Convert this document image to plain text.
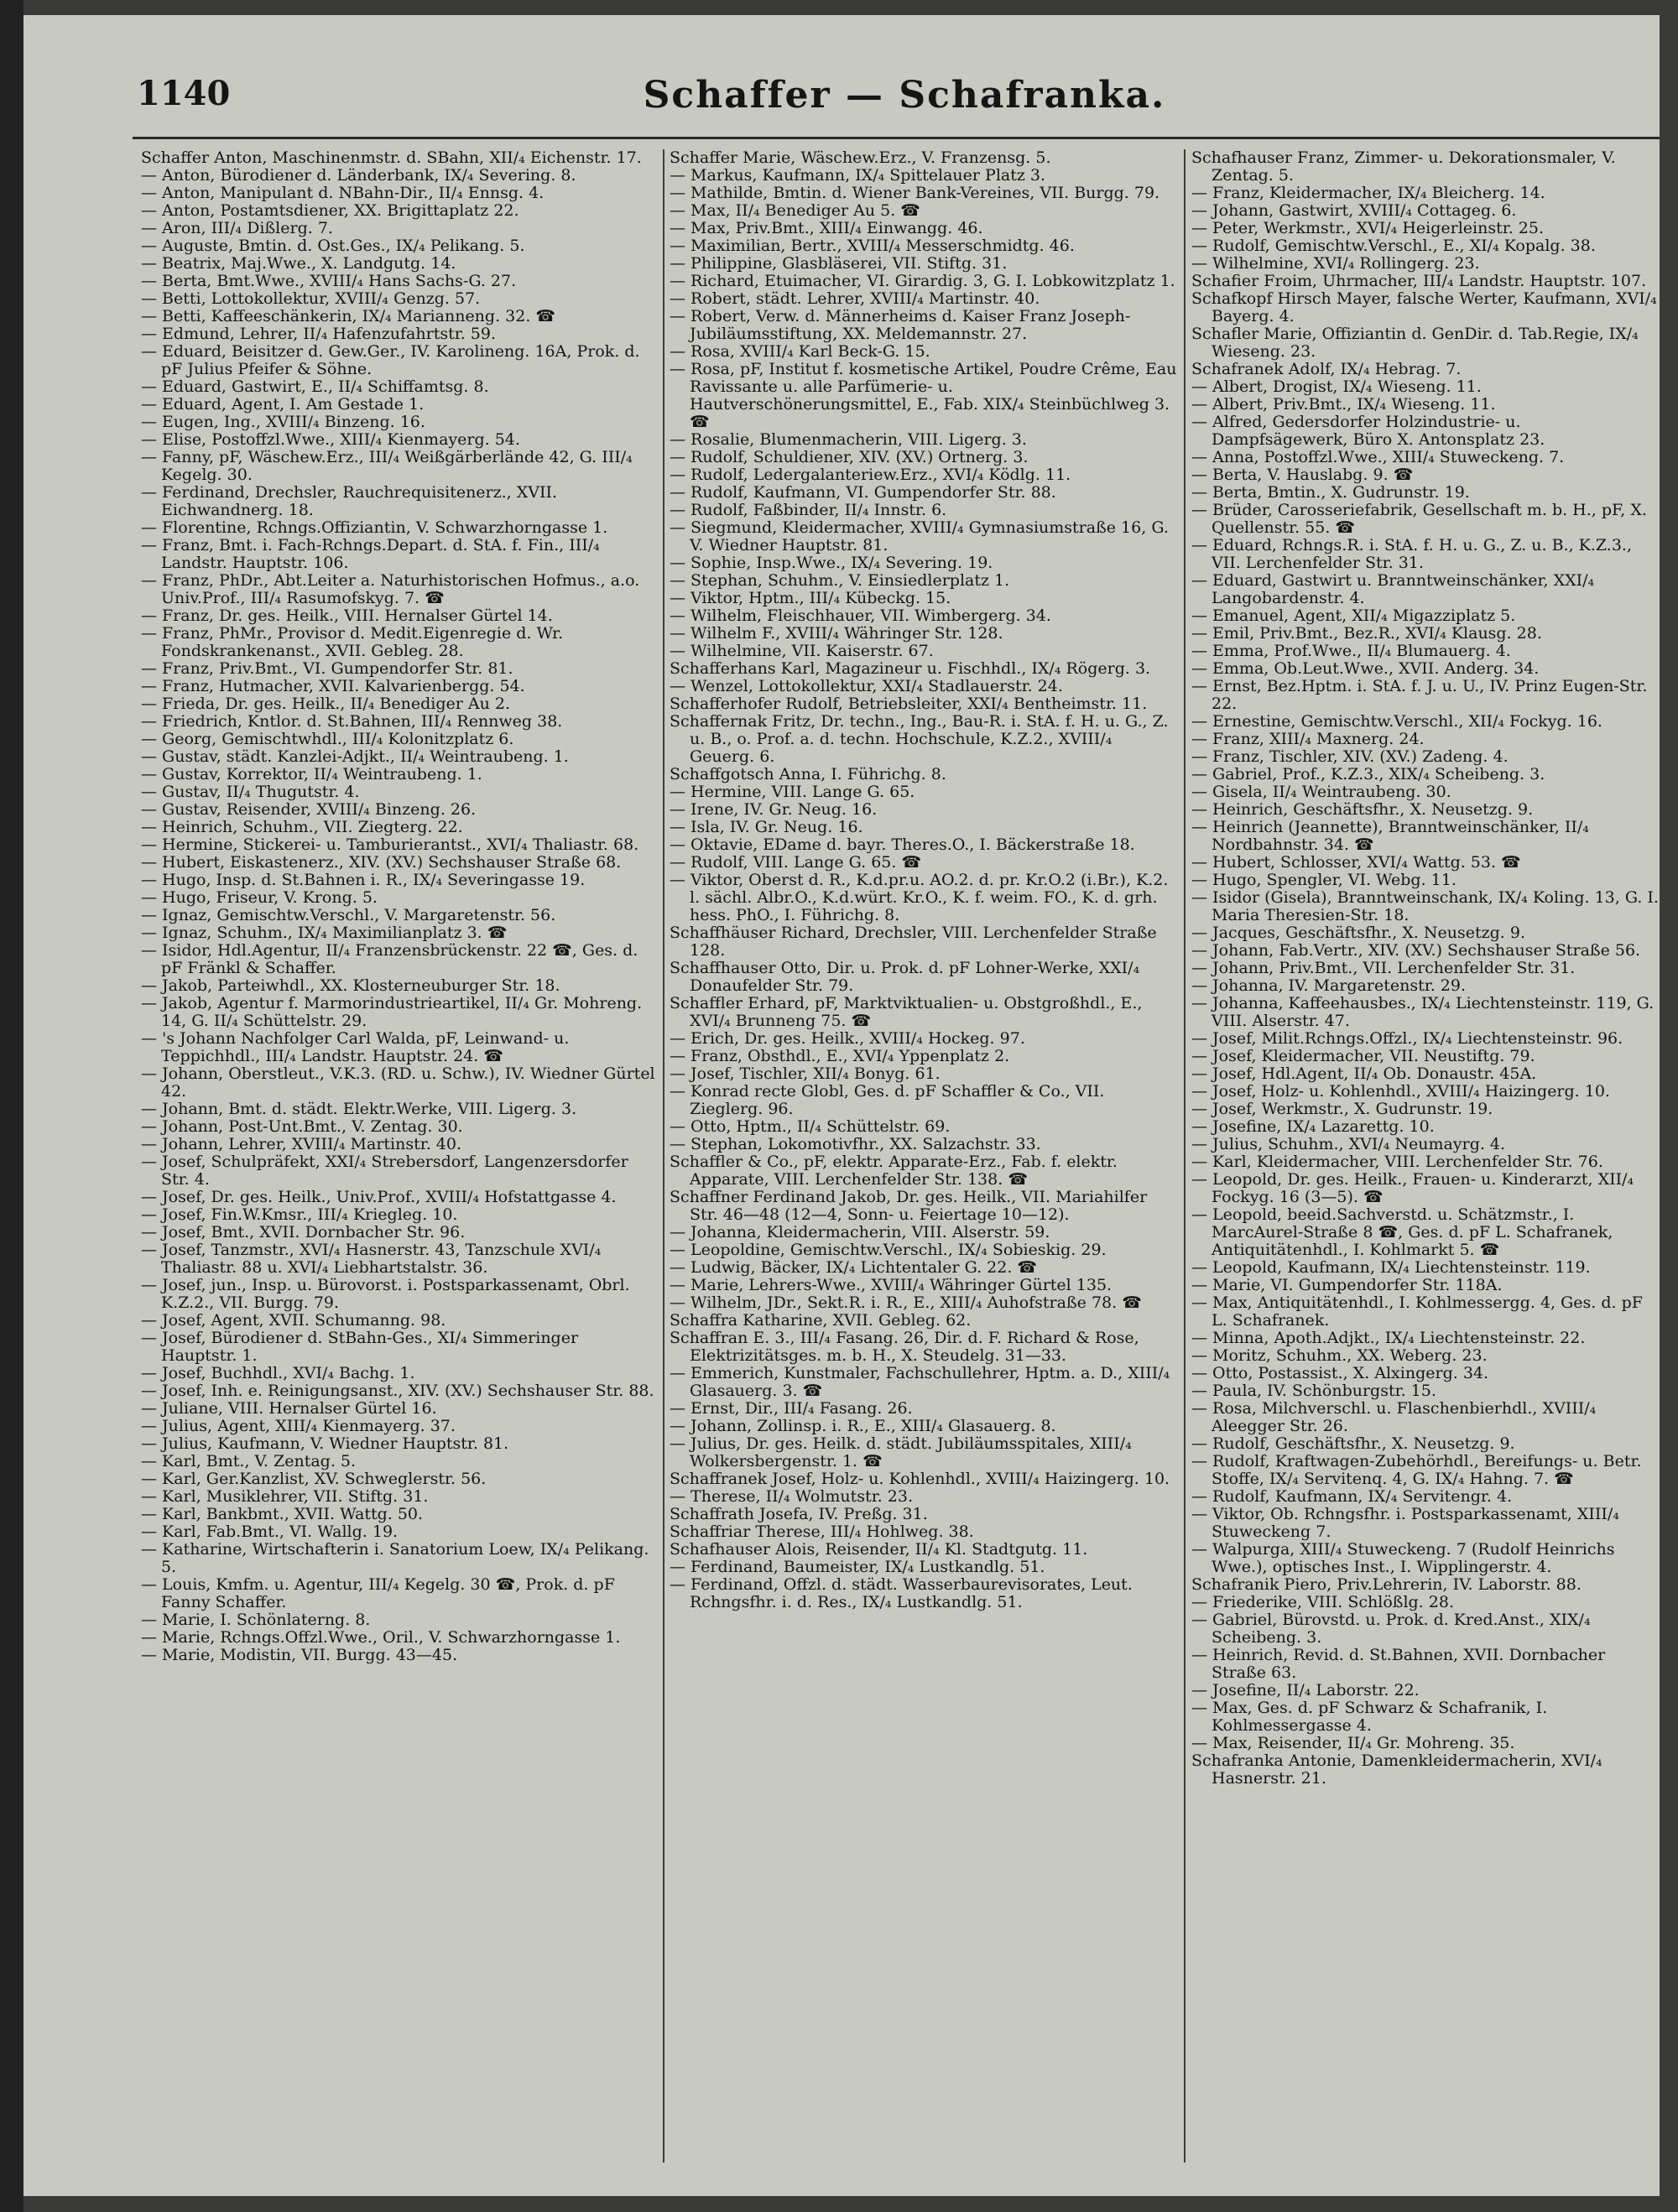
1140	Schaffer — Schafranka.

Schaffer Anton, Maschinenmstr. d. SBahn, XII/₄ Eichenstr. 17.

— Anton, Bürodiener d. Länderbank, IX/₄ Severing. 8.

— Anton, Manipulant d. NBahn-Dir., II/₄ Ennsg. 4.

— Anton, Postamtsdiener, XX. Brigittaplatz 22.

— Aron, III/₄ Dißlerg. 7.

— Auguste, Bmtin. d. Ost.Ges., IX/₄ Pelikang. 5.

— Beatrix, Maj.Wwe., X. Landgutg. 14.

— Berta, Bmt.Wwe., XVIII/₄ Hans Sachs-G. 27.

— Betti, Lottokollektur, XVIII/₄ Genzg. 57.

— Betti, Kaffeeschänkerin, IX/₄ Marianneng. 32. ☎

— Edmund, Lehrer, II/₄ Hafenzufahrtstr. 59.

— Eduard, Beisitzer d. Gew.Ger., IV. Karolineng. 16A, Prok. d. pF Julius Pfeifer & Söhne.

— Eduard, Gastwirt, E., II/₄ Schiffamtsg. 8.

— Eduard, Agent, I. Am Gestade 1.

— Eugen, Ing., XVIII/₄ Binzeng. 16.

— Elise, Postoffzl.Wwe., XIII/₄ Kienmayerg. 54.

— Fanny, pF, Wäschew.Erz., III/₄ Weißgärberlände 42, G. III/₄ Kegelg. 30.

— Ferdinand, Drechsler, Rauchrequisitenerz., XVII. Eichwandnerg. 18.

— Florentine, Rchngs.Offiziantin, V. Schwarzhorngasse 1.

— Franz, Bmt. i. Fach-Rchngs.Depart. d. StA. f. Fin., III/₄ Landstr. Hauptstr. 106.

— Franz, PhDr., Abt.Leiter a. Naturhistorischen Hofmus., a.o. Univ.Prof., III/₄ Rasumofskyg. 7. ☎

— Franz, Dr. ges. Heilk., VIII. Hernalser Gürtel 14.

— Franz, PhMr., Provisor d. Medit.Eigenregie d. Wr. Fondskrankenanst., XVII. Gebleg. 28.

— Franz, Priv.Bmt., VI. Gumpendorfer Str. 81.

— Franz, Hutmacher, XVII. Kalvarienbergg. 54.

— Frieda, Dr. ges. Heilk., II/₄ Benediger Au 2.

— Friedrich, Kntlor. d. St.Bahnen, III/₄ Rennweg 38.

— Georg, Gemischtwhdl., III/₄ Kolonitzplatz 6.

— Gustav, städt. Kanzlei-Adjkt., II/₄ Weintraubeng. 1.

— Gustav, Korrektor, II/₄ Weintraubeng. 1.

— Gustav, II/₄ Thugutstr. 4.

— Gustav, Reisender, XVIII/₄ Binzeng. 26.

— Heinrich, Schuhm., VII. Ziegterg. 22.

— Hermine, Stickerei- u. Tamburierantst., XVI/₄ Thaliastr. 68.

— Hubert, Eiskastenerz., XIV. (XV.) Sechshauser Straße 68.

— Hugo, Insp. d. St.Bahnen i. R., IX/₄ Severingasse 19.

— Hugo, Friseur, V. Krong. 5.

— Ignaz, Gemischtw.Verschl., V. Margaretenstr. 56.

— Ignaz, Schuhm., IX/₄ Maximilianplatz 3. ☎

— Isidor, Hdl.Agentur, II/₄ Franzensbrückenstr. 22 ☎, Ges. d. pF Fränkl & Schaffer.

— Jakob, Parteiwhdl., XX. Klosterneuburger Str. 18.

— Jakob, Agentur f. Marmorindustrieartikel, II/₄ Gr. Mohreng. 14, G. II/₄ Schüttelstr. 29.

— 's Johann Nachfolger Carl Walda, pF, Leinwand- u. Teppichhdl., III/₄ Landstr. Hauptstr. 24. ☎

— Johann, Oberstleut., V.K.3. (RD. u. Schw.), IV. Wiedner Gürtel 42.

— Johann, Bmt. d. städt. Elektr.Werke, VIII. Ligerg. 3.

— Johann, Post-Unt.Bmt., V. Zentag. 30.

— Johann, Lehrer, XVIII/₄ Martinstr. 40.

— Josef, Schulpräfekt, XXI/₄ Strebersdorf, Langenzersdorfer Str. 4.

— Josef, Dr. ges. Heilk., Univ.Prof., XVIII/₄ Hofstattgasse 4.

— Josef, Fin.W.Kmsr., III/₄ Kriegleg. 10.

— Josef, Bmt., XVII. Dornbacher Str. 96.

— Josef, Tanzmstr., XVI/₄ Hasnerstr. 43, Tanzschule XVI/₄ Thaliastr. 88 u. XVI/₄ Liebhartstalstr. 36.

— Josef, jun., Insp. u. Bürovorst. i. Postsparkassenamt, Obrl. K.Z.2., VII. Burgg. 79.

— Josef, Agent, XVII. Schumanng. 98.

— Josef, Bürodiener d. StBahn-Ges., XI/₄ Simmeringer Hauptstr. 1.

— Josef, Buchhdl., XVI/₄ Bachg. 1.

— Josef, Inh. e. Reinigungsanst., XIV. (XV.) Sechshauser Str. 88.

— Juliane, VIII. Hernalser Gürtel 16.

— Julius, Agent, XIII/₄ Kienmayerg. 37.

— Julius, Kaufmann, V. Wiedner Hauptstr. 81.

— Karl, Bmt., V. Zentag. 5.

— Karl, Ger.Kanzlist, XV. Schweglerstr. 56.

— Karl, Musiklehrer, VII. Stiftg. 31.

— Karl, Bankbmt., XVII. Wattg. 50.

— Karl, Fab.Bmt., VI. Wallg. 19.

— Katharine, Wirtschafterin i. Sanatorium Loew, IX/₄ Pelikang. 5.

— Louis, Kmfm. u. Agentur, III/₄ Kegelg. 30 ☎, Prok. d. pF Fanny Schaffer.

— Marie, I. Schönlaterng. 8.

— Marie, Rchngs.Offzl.Wwe., Oril., V. Schwarzhorngasse 1.

— Marie, Modistin, VII. Burgg. 43—45.

Schaffer Marie, Wäschew.Erz., V. Franzensg. 5.

— Markus, Kaufmann, IX/₄ Spittelauer Platz 3.

— Mathilde, Bmtin. d. Wiener Bank-Vereines, VII. Burgg. 79.

— Max, II/₄ Benediger Au 5. ☎

— Max, Priv.Bmt., XIII/₄ Einwangg. 46.

— Maximilian, Bertr., XVIII/₄ Messerschmidtg. 46.

— Philippine, Glasbläserei, VII. Stiftg. 31.

— Richard, Etuimacher, VI. Girardig. 3, G. I. Lobkowitzplatz 1.

— Robert, städt. Lehrer, XVIII/₄ Martinstr. 40.

— Robert, Verw. d. Männerheims d. Kaiser Franz Joseph-Jubiläumsstiftung, XX. Meldemannstr. 27.

— Rosa, XVIII/₄ Karl Beck-G. 15.

— Rosa, pF, Institut f. kosmetische Artikel, Poudre Crême, Eau Ravissante u. alle Parfümerie- u. Hautverschönerungsmittel, E., Fab. XIX/₄ Steinbüchlweg 3. ☎

— Rosalie, Blumenmacherin, VIII. Ligerg. 3.

— Rudolf, Schuldiener, XIV. (XV.) Ortnerg. 3.

— Rudolf, Ledergalanteriew.Erz., XVI/₄ Ködlg. 11.

— Rudolf, Kaufmann, VI. Gumpendorfer Str. 88.

— Rudolf, Faßbinder, II/₄ Innstr. 6.

— Siegmund, Kleidermacher, XVIII/₄ Gymnasiumstraße 16, G. V. Wiedner Hauptstr. 81.

— Sophie, Insp.Wwe., IX/₄ Severing. 19.

— Stephan, Schuhm., V. Einsiedlerplatz 1.

— Viktor, Hptm., III/₄ Kübeckg. 15.

— Wilhelm, Fleischhauer, VII. Wimbergerg. 34.

— Wilhelm F., XVIII/₄ Währinger Str. 128.

— Wilhelmine, VII. Kaiserstr. 67.

Schafferhans Karl, Magazineur u. Fischhdl., IX/₄ Rögerg. 3.

— Wenzel, Lottokollektur, XXI/₄ Stadlauerstr. 24.

Schafferhofer Rudolf, Betriebsleiter, XXI/₄ Bentheimstr. 11.

Schaffernak Fritz, Dr. techn., Ing., Bau-R. i. StA. f. H. u. G., Z. u. B., o. Prof. a. d. techn. Hochschule, K.Z.2., XVIII/₄ Geuerg. 6.

Schaffgotsch Anna, I. Führichg. 8.

— Hermine, VIII. Lange G. 65.

— Irene, IV. Gr. Neug. 16.

— Isla, IV. Gr. Neug. 16.

— Oktavie, EDame d. bayr. Theres.O., I. Bäckerstraße 18.

— Rudolf, VIII. Lange G. 65. ☎

— Viktor, Oberst d. R., K.d.pr.u. AO.2. d. pr. Kr.O.2 (i.Br.), K.2. l. sächl. Albr.O., K.d.würt. Kr.O., K. f. weim. FO., K. d. grh. hess. PhO., I. Führichg. 8.

Schaffhäuser Richard, Drechsler, VIII. Lerchenfelder Straße 128.

Schaffhauser Otto, Dir. u. Prok. d. pF Lohner-Werke, XXI/₄ Donaufelder Str. 79.

Schaffler Erhard, pF, Marktviktualien- u. Obstgroßhdl., E., XVI/₄ Brunneng 75. ☎

— Erich, Dr. ges. Heilk., XVIII/₄ Hockeg. 97.

— Franz, Obsthdl., E., XVI/₄ Yppenplatz 2.

— Josef, Tischler, XII/₄ Bonyg. 61.

— Konrad recte Globl, Ges. d. pF Schaffler & Co., VII. Zieglerg. 96.

— Otto, Hptm., II/₄ Schüttelstr. 69.

— Stephan, Lokomotivfhr., XX. Salzachstr. 33.

Schaffler & Co., pF, elektr. Apparate-Erz., Fab. f. elektr. Apparate, VIII. Lerchenfelder Str. 138. ☎

Schaffner Ferdinand Jakob, Dr. ges. Heilk., VII. Mariahilfer Str. 46—48 (12—4, Sonn- u. Feiertage 10—12).

— Johanna, Kleidermacherin, VIII. Alserstr. 59.

— Leopoldine, Gemischtw.Verschl., IX/₄ Sobieskig. 29.

— Ludwig, Bäcker, IX/₄ Lichtentaler G. 22. ☎

— Marie, Lehrers-Wwe., XVIII/₄ Währinger Gürtel 135.

— Wilhelm, JDr., Sekt.R. i. R., E., XIII/₄ Auhofstraße 78. ☎

Schaffra Katharine, XVII. Gebleg. 62.

Schaffran E. 3., III/₄ Fasang. 26, Dir. d. F. Richard & Rose, Elektrizitätsges. m. b. H., X. Steudelg. 31—33.

— Emmerich, Kunstmaler, Fachschullehrer, Hptm. a. D., XIII/₄ Glasauerg. 3. ☎

— Ernst, Dir., III/₄ Fasang. 26.

— Johann, Zollinsp. i. R., E., XIII/₄ Glasauerg. 8.

— Julius, Dr. ges. Heilk. d. städt. Jubiläumsspitales, XIII/₄ Wolkersbergenstr. 1. ☎

Schaffranek Josef, Holz- u. Kohlenhdl., XVIII/₄ Haizingerg. 10.

— Therese, II/₄ Wolmutstr. 23.

Schaffrath Josefa, IV. Preßg. 31.

Schaffriar Therese, III/₄ Hohlweg. 38.

Schafhauser Alois, Reisender, II/₄ Kl. Stadtgutg. 11.

— Ferdinand, Baumeister, IX/₄ Lustkandlg. 51.

— Ferdinand, Offzl. d. städt. Wasserbaurevisorates, Leut. Rchngsfhr. i. d. Res., IX/₄ Lustkandlg. 51.

Schafhauser Franz, Zimmer- u. Dekorationsmaler, V. Zentag. 5.

— Franz, Kleidermacher, IX/₄ Bleicherg. 14.

— Johann, Gastwirt, XVIII/₄ Cottageg. 6.

— Peter, Werkmstr., XVI/₄ Heigerleinstr. 25.

— Rudolf, Gemischtw.Verschl., E., XI/₄ Kopalg. 38.

— Wilhelmine, XVI/₄ Rollingerg. 23.

Schafier Froim, Uhrmacher, III/₄ Landstr. Hauptstr. 107.

Schafkopf Hirsch Mayer, falsche Werter, Kaufmann, XVI/₄ Bayerg. 4.

Schafler Marie, Offiziantin d. GenDir. d. Tab.Regie, IX/₄ Wieseng. 23.

Schafranek Adolf, IX/₄ Hebrag. 7.

— Albert, Drogist, IX/₄ Wieseng. 11.

— Albert, Priv.Bmt., IX/₄ Wieseng. 11.

— Alfred, Gedersdorfer Holzindustrie- u. Dampfsägewerk, Büro X. Antonsplatz 23.

— Anna, Postoffzl.Wwe., XIII/₄ Stuweckeng. 7.

— Berta, V. Hauslabg. 9. ☎

— Berta, Bmtin., X. Gudrunstr. 19.

— Brüder, Carosseriefabrik, Gesellschaft m. b. H., pF, X. Quellenstr. 55. ☎

— Eduard, Rchngs.R. i. StA. f. H. u. G., Z. u. B., K.Z.3., VII. Lerchenfelder Str. 31.

— Eduard, Gastwirt u. Branntweinschänker, XXI/₄ Langobardenstr. 4.

— Emanuel, Agent, XII/₄ Migazziplatz 5.

— Emil, Priv.Bmt., Bez.R., XVI/₄ Klausg. 28.

— Emma, Prof.Wwe., II/₄ Blumauerg. 4.

— Emma, Ob.Leut.Wwe., XVII. Anderg. 34.

— Ernst, Bez.Hptm. i. StA. f. J. u. U., IV. Prinz Eugen-Str. 22.

— Ernestine, Gemischtw.Verschl., XII/₄ Fockyg. 16.

— Franz, XIII/₄ Maxnerg. 24.

— Franz, Tischler, XIV. (XV.) Zadeng. 4.

— Gabriel, Prof., K.Z.3., XIX/₄ Scheibeng. 3.

— Gisela, II/₄ Weintraubeng. 30.

— Heinrich, Geschäftsfhr., X. Neusetzg. 9.

— Heinrich (Jeannette), Branntweinschänker, II/₄ Nordbahnstr. 34. ☎

— Hubert, Schlosser, XVI/₄ Wattg. 53. ☎

— Hugo, Spengler, VI. Webg. 11.

— Isidor (Gisela), Branntweinschank, IX/₄ Koling. 13, G. I. Maria Theresien-Str. 18.

— Jacques, Geschäftsfhr., X. Neusetzg. 9.

— Johann, Fab.Vertr., XIV. (XV.) Sechshauser Straße 56.

— Johann, Priv.Bmt., VII. Lerchenfelder Str. 31.

— Johanna, IV. Margaretenstr. 29.

— Johanna, Kaffeehausbes., IX/₄ Liechtensteinstr. 119, G. VIII. Alserstr. 47.

— Josef, Milit.Rchngs.Offzl., IX/₄ Liechtensteinstr. 96.

— Josef, Kleidermacher, VII. Neustiftg. 79.

— Josef, Hdl.Agent, II/₄ Ob. Donaustr. 45A.

— Josef, Holz- u. Kohlenhdl., XVIII/₄ Haizingerg. 10.

— Josef, Werkmstr., X. Gudrunstr. 19.

— Josefine, IX/₄ Lazarettg. 10.

— Julius, Schuhm., XVI/₄ Neumayrg. 4.

— Karl, Kleidermacher, VIII. Lerchenfelder Str. 76.

— Leopold, Dr. ges. Heilk., Frauen- u. Kinderarzt, XII/₄ Fockyg. 16 (3—5). ☎

— Leopold, beeid.Sachverstd. u. Schätzmstr., I. MarcAurel-Straße 8 ☎, Ges. d. pF L. Schafranek, Antiquitätenhdl., I. Kohlmarkt 5. ☎

— Leopold, Kaufmann, IX/₄ Liechtensteinstr. 119.

— Marie, VI. Gumpendorfer Str. 118A.

— Max, Antiquitätenhdl., I. Kohlmessergg. 4, Ges. d. pF L. Schafranek.

— Minna, Apoth.Adjkt., IX/₄ Liechtensteinstr. 22.

— Moritz, Schuhm., XX. Weberg. 23.

— Otto, Postassist., X. Alxingerg. 34.

— Paula, IV. Schönburgstr. 15.

— Rosa, Milchverschl. u. Flaschenbierhdl., XVIII/₄ Aleegger Str. 26.

— Rudolf, Geschäftsfhr., X. Neusetzg. 9.

— Rudolf, Kraftwagen-Zubehörhdl., Bereifungs- u. Betr. Stoffe, IX/₄ Servitenq. 4, G. IX/₄ Hahng. 7. ☎

— Rudolf, Kaufmann, IX/₄ Servitengr. 4.

— Viktor, Ob. Rchngsfhr. i. Postsparkassenamt, XIII/₄ Stuweckeng 7.

— Walpurga, XIII/₄ Stuweckeng. 7 (Rudolf Heinrichs Wwe.), optisches Inst., I. Wipplingerstr. 4.

Schafranik Piero, Priv.Lehrerin, IV. Laborstr. 88.

— Friederike, VIII. Schlößlg. 28.

— Gabriel, Bürovstd. u. Prok. d. Kred.Anst., XIX/₄ Scheibeng. 3.

— Heinrich, Revid. d. St.Bahnen, XVII. Dornbacher Straße 63.

— Josefine, II/₄ Laborstr. 22.

— Max, Ges. d. pF Schwarz & Schafranik, I. Kohlmessergasse 4.

— Max, Reisender, II/₄ Gr. Mohreng. 35.

Schafranka Antonie, Damenkleidermacherin, XVI/₄ Hasnerstr. 21.
